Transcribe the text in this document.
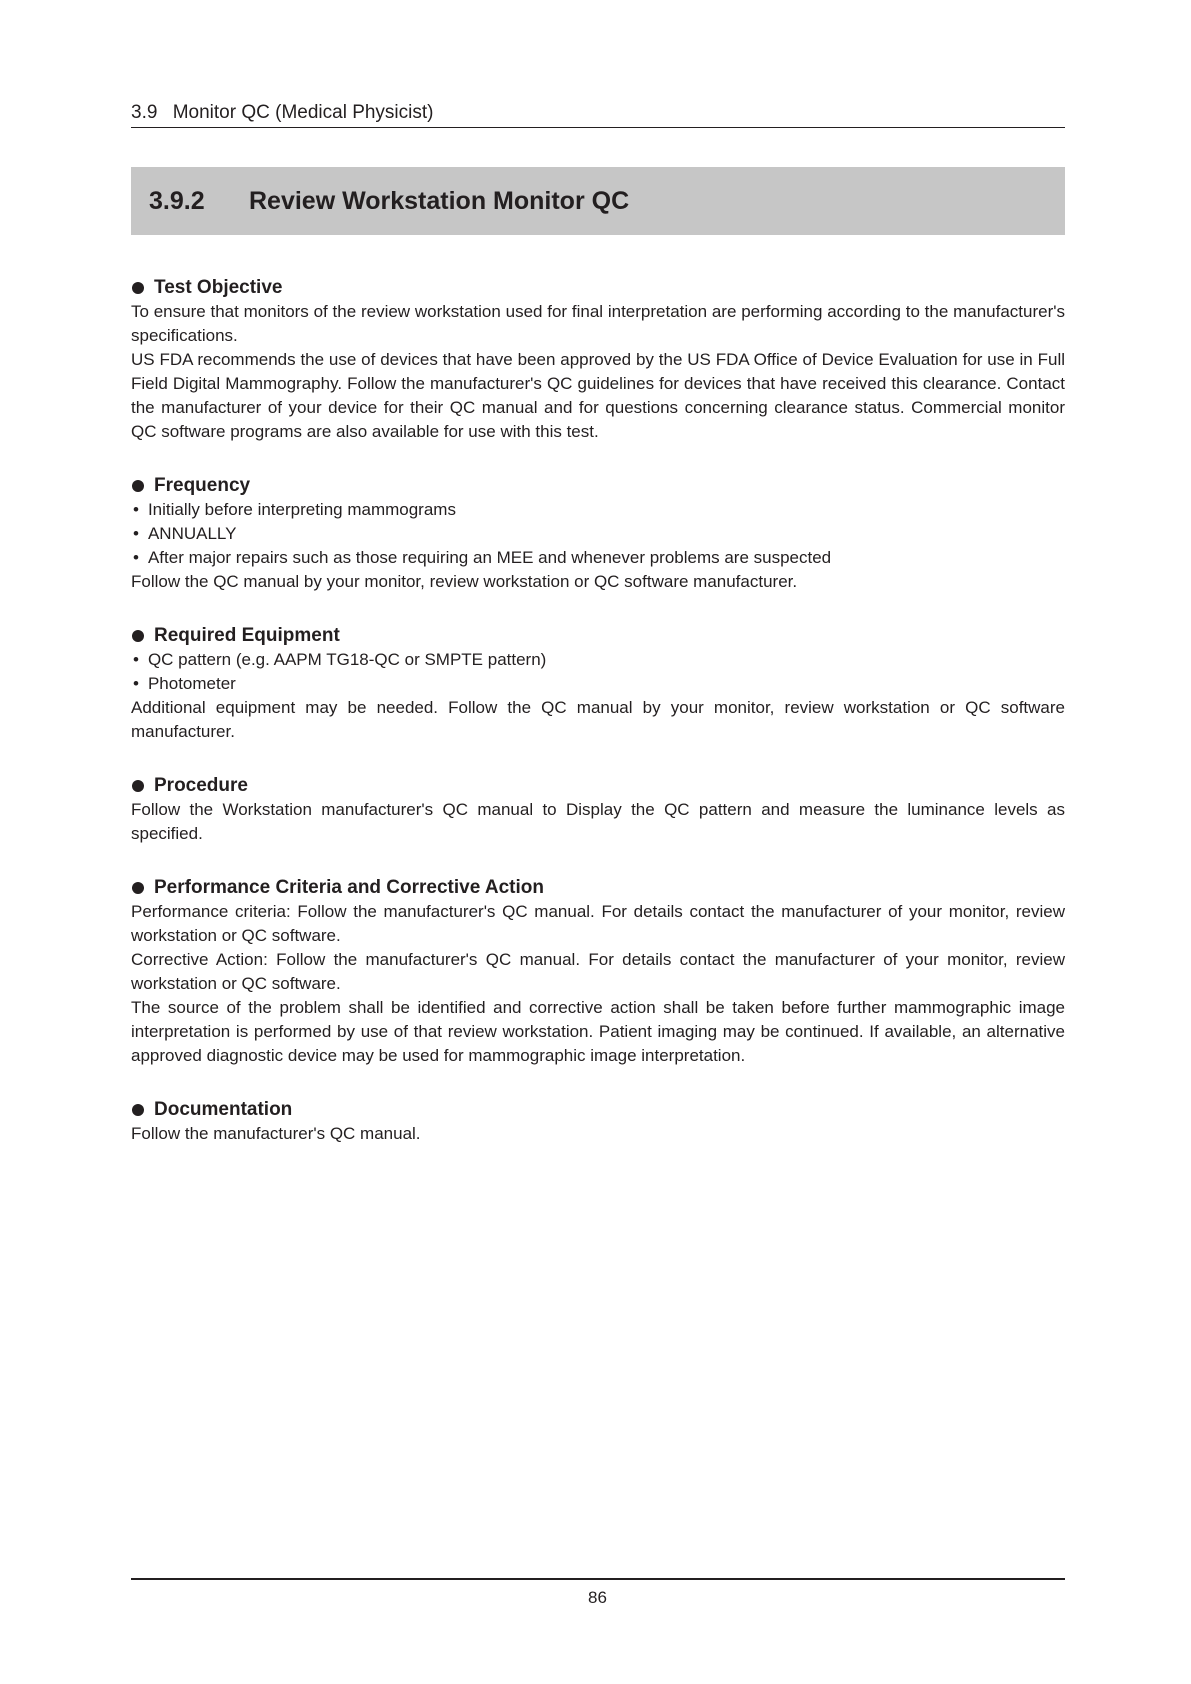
3.9 Monitor QC (Medical Physicist)
3.9.2	Review Workstation Monitor QC
Test Objective

To ensure that monitors of the review workstation used for final interpretation are performing according to the manufacturer's specifications.

US FDA recommends the use of devices that have been approved by the US FDA Office of Device Evaluation for use in Full Field Digital Mammography. Follow the manufacturer's QC guidelines for devices that have received this clearance. Contact the manufacturer of your device for their QC manual and for questions concerning clearance status. Commercial monitor QC software programs are also available for use with this test.

Frequency
• Initially before interpreting mammograms
• ANNUALLY
• After major repairs such as those requiring an MEE and whenever problems are suspected

Follow the QC manual by your monitor, review workstation or QC software manufacturer.

Required Equipment
• QC pattern (e.g. AAPM TG18-QC or SMPTE pattern)
• Photometer

Additional equipment may be needed. Follow the QC manual by your monitor, review workstation or QC software manufacturer.

Procedure

Follow the Workstation manufacturer's QC manual to Display the QC pattern and measure the luminance levels as specified.

Performance Criteria and Corrective Action

Performance criteria: Follow the manufacturer's QC manual. For details contact the manufacturer of your monitor, review workstation or QC software.

Corrective Action: Follow the manufacturer's QC manual. For details contact the manufacturer of your monitor, review workstation or QC software.

The source of the problem shall be identified and corrective action shall be taken before further mammographic image interpretation is performed by use of that review workstation. Patient imaging may be continued. If available, an alternative approved diagnostic device may be used for mammographic image interpretation.

Documentation

Follow the manufacturer's QC manual.

86
